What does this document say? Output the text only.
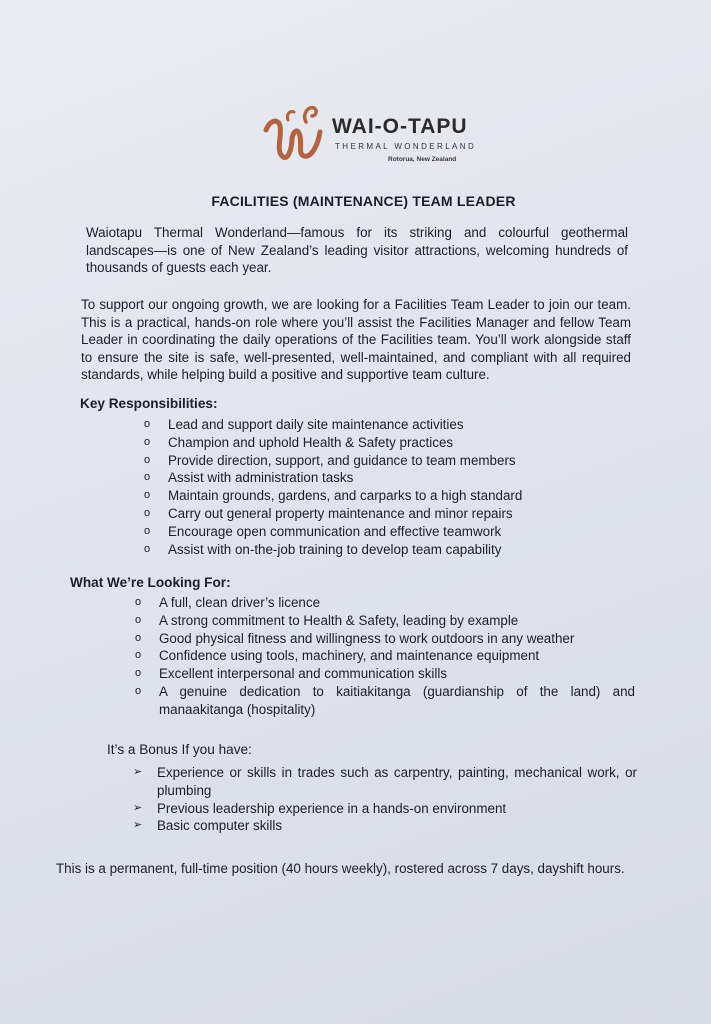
WAI-O-TAPU
THERMAL WONDERLAND
Rotorua, New Zealand
FACILITIES (MAINTENANCE) TEAM LEADER

Waiotapu Thermal Wonderland—famous for its striking and colourful geothermal landscapes—is one of New Zealand’s leading visitor attractions, welcoming hundreds of thousands of guests each year.

To support our ongoing growth, we are looking for a Facilities Team Leader to join our team. This is a practical, hands-on role where you’ll assist the Facilities Manager and fellow Team Leader in coordinating the daily operations of the Facilities team. You’ll work alongside staff to ensure the site is safe, well-presented, well-maintained, and compliant with all required standards, while helping build a positive and supportive team culture.

Key Responsibilities:
o	Lead and support daily site maintenance activities
o	Champion and uphold Health & Safety practices
o	Provide direction, support, and guidance to team members
o	Assist with administration tasks
o	Maintain grounds, gardens, and carparks to a high standard
o	Carry out general property maintenance and minor repairs
o	Encourage open communication and effective teamwork
o	Assist with on-the-job training to develop team capability
What We’re Looking For:
o	A full, clean driver’s licence
o	A strong commitment to Health & Safety, leading by example
o	Good physical fitness and willingness to work outdoors in any weather
o	Confidence using tools, machinery, and maintenance equipment
o	Excellent interpersonal and communication skills
o	A genuine dedication to kaitiakitanga (guardianship of the land) and manaakitanga (hospitality)
It’s a Bonus If you have:
➢	Experience or skills in trades such as carpentry, painting, mechanical work, or plumbing
➢	Previous leadership experience in a hands-on environment
➢	Basic computer skills

This is a permanent, full-time position (40 hours weekly), rostered across 7 days, dayshift hours.
